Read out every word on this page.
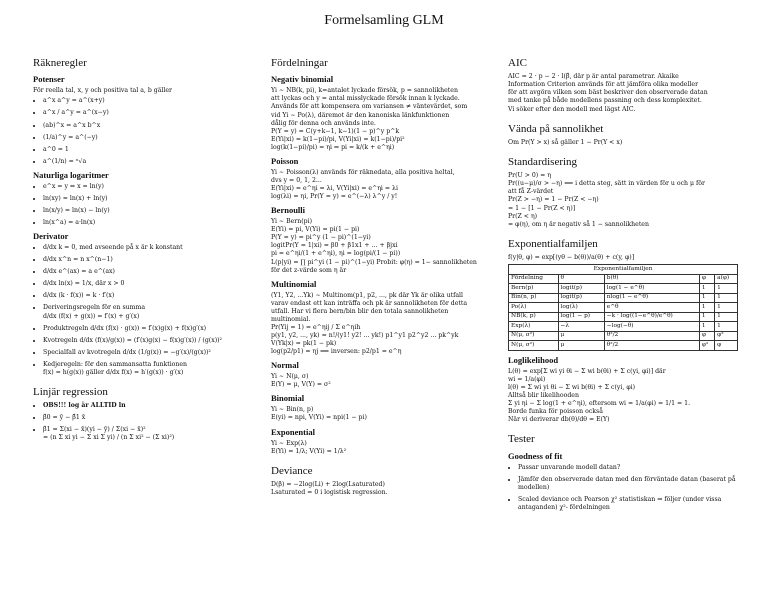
Formelsamling GLM
Räkneregler
Potenser

För reella tal, x, y och positiva tal a, b gäller

• a^x a^y = a^(x+y)
• a^x / a^y = a^(x−y)
• (ab)^x = a^x b^x
• (1/a)^y = a^(−y)
• a^0 = 1
• a^(1/n) = ⁿ√a
Naturliga logaritmer
• e^x = y ⇔ x = ln(y)
• ln(xy) = ln(x) + ln(y)
• ln(x/y) = ln(x) − ln(y)
• ln(x^a) = a·ln(x)
Derivator
• d/dx k = 0, med avseende på x är k konstant
• d/dx x^n = n x^(n−1)
• d/dx e^(ax) = a e^(ax)
• d/dx ln(x) = 1/x, där x > 0
• d/dx (k · f(x)) = k · f′(x)
• Deriveringsregeln för en summa
d/dx (f(x) + g(x)) = f′(x) + g′(x)
• Produktregeln d/dx (f(x) · g(x)) = f′(x)g(x) + f(x)g′(x)
• Kvotregeln d/dx (f(x)/g(x)) = (f′(x)g(x) − f(x)g′(x)) / (g(x))²
• Specialfall av kvotregeln d/dx (1/g(x)) = −g′(x)/(g(x))²
• Kedjeregeln: för den sammansatta funktionen
f(x) = h(g(x)) gäller d/dx f(x) = h′(g(x)) · g′(x)
Linjär regression
• OBS!!! log är ALLTID ln
• β̂0 = ȳ − β̂1 x̄
• β̂1 = Σ(xi − x̄)(yi − ȳ) / Σ(xi − x̄)²
= (n Σ xi yi − Σ xi Σ yi) / (n Σ xi² − (Σ xi)²)
Fördelningar
Negativ binomial

Yi ∼ NB(k, pi), k=antalet lyckade försök, p = sannolikheten

att lyckas och y = antal misslyckade försök innan k lyckade.

Används för att kompensera om variansen ≠ väntevärdet, som

vid Yi ∼ Po(λ), däremot är den kanoniska länkfunktionen

dålig för denna och används inte.

P(Y = y) = C(y+k−1, k−1)(1 − p)^y p^k

E(Yi|xi) = k(1−pi)/pi, V(Yi|xi) = k(1−pi)/pi²

log(k(1−pi)/pi) = ηi ⇒ pi = k/(k + e^ηi)

Poisson

Yi ∼ Poisson(λ) används för räknedata, alla positiva heltal,

dvs y = 0, 1, 2...

E(Yi|xi) = e^ηi = λi, V(Yi|xi) = e^ηi = λi

log(λi) = ηi, Pr(Y = y) = e^(−λ) λ^y / y!

Bernoulli

Yi ∼ Bern(pi)

E(Yi) = pi, V(Yi) = pi(1 − pi)

P(Y = y) = pi^y (1 − pi)^(1−yi)

logitPr(Y = 1|xi) = β0 + β1x1 + ... + βjxi

pi = e^ηi/(1 + e^ηi), ηi = log(pi/(1 − pi))

L(p|yi) = ∏ pi^yi (1 − pi)^(1−yi) Probit: φ(η) = 1− sannolikheten

för det z-värde som η är

Multinomial

(Y1, Y2, ...Yk) ∼ Multinom(p1, p2, ..., pk där Yk är olika utfall

varav endast ett kan inträffa och pk är sannolikheten för detta

utfall. Har vi flera bern/bin blir den totala sannolikheten

multinomial.

Pr(Yij = 1) = e^ηij / Σ e^ηih

p(y1, y2, ..., yk) = n!/(y1! y2! ... yk!) p1^y1 p2^y2 ... pk^yk

V(Yk|x) = pk(1 − pk)

log(p2/p1) = ηj ⟹ inversen: p2/p1 = e^η

Normal

Yi ∼ N(μ, σ)

E(Y) = μ, V(Y) = σ²

Binomial

Yi ∼ Bin(n, p)

E(yi) = npi, V(Yi) = npi(1 − pi)

Exponential

Yi ∼ Exp(λ)

E(Yi) = 1/λ; V(Yi) = 1/λ²

Deviance

D(β) = −2log(Li) + 2log(Lsaturated)

Lsaturated = 0 i logistisk regression.

AIC

AIC = 2 · p − 2 · l(β̂, där p är antal parametrar. Akaike

Information Criterion används för att jämföra olika modeller

för att avgöra vilken som bäst beskriver den observerade datan

med tanke på både modellens passning och dess komplexitet.

Vi söker efter den modell med lägst AIC.

Vända på sannolikhet

Om Pr(Y > x) så gäller 1 − Pr(Y < x)

Standardisering

Pr(U > 0) = η

Pr((u−μ)/σ > −η) ⟸ i detta steg, sätt in värden för u och μ för

att få Z-värdet

Pr(Z > −η) = 1 − Pr(Z < −η)

= 1 − [1 − Pr(Z < η)]

Pr(Z < η)

= φ(η), om η är negativ så 1 − sannolikheten

Exponentialfamiljen

f(y|θ, φ) = exp[(yθ − b(θ))/a(θ) + c(y, φ)]

Exponentialfamiljen				
Fördelning	θ	b(θ)	φ	a(φ)
Bern(p)	logit(p)	log(1 − e^θ)	1	1
Bin(n, p)	logit(p)	nlog(1 − e^θ)	1	1
Po(λ)	log(λ)	e^θ	1	1
NB(k, p)	log(1 − p)	−k · log((1−e^θ)/e^θ)	1	1
Exp(λ)	−λ	−log(−θ)	1	1
N(μ, σ²)	μ	θ²/2	φ	φ²
N(μ, σ²)	μ	θ²/2	φ²	φ
Loglikelihood

L(θ) = exp[Σ wi yi θi − Σ wi b(θi) + Σ c(yi, φi)] där

wi = 1/a(φi)

l(θ) = Σ wi yi θi − Σ wi b(θi) + Σ c(yi, φi)

Alltså blir likelihooden

Σ yi ηi − Σ log(1 + e^ηi), eftersom wi = 1/a(φi) = 1/1 = 1.

Borde funka för poisson också

När vi deriverar db(θ)/dθ = E(Y)

Tester
Goodness of fit
• Passar unvarande modell datan?
• Jämför den observerade datan med den förväntade datan (baserat på modellen)
• Scaled deviance och Pearson χ² statistiskan ⇒ följer (under vissa antaganden) χ²- fördelningen
